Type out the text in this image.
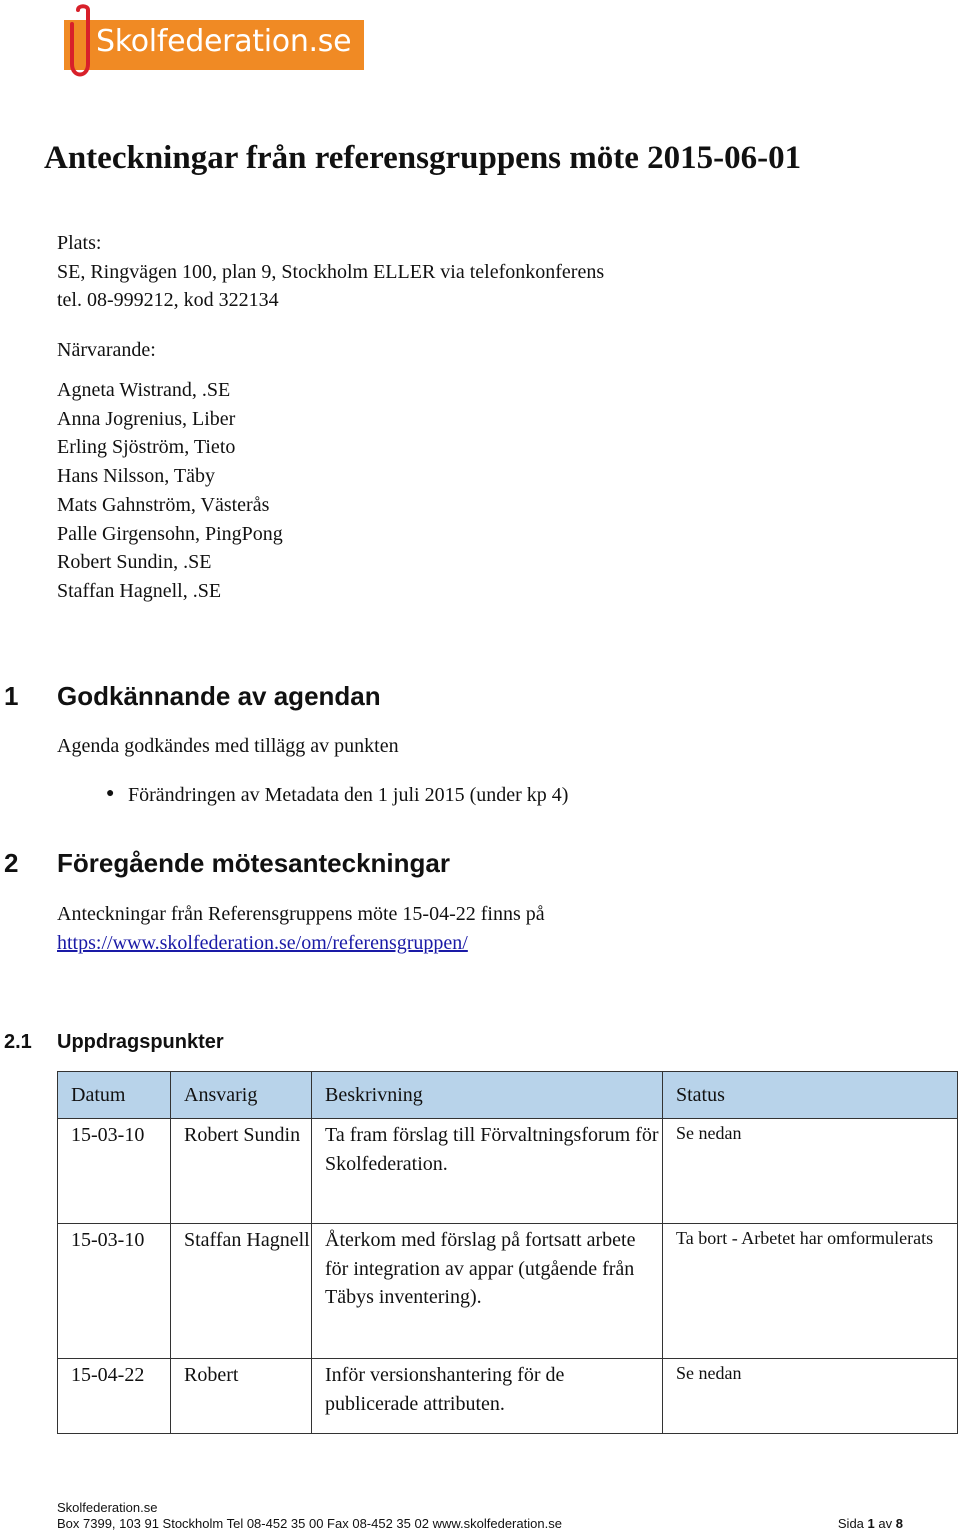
Skolfederation.se
Anteckningar från referensgruppens möte 2015-06-01
Plats:
SE, Ringvägen 100, plan 9, Stockholm ELLER via telefonkonferens
tel. 08-999212, kod 322134
Närvarande:
Agneta Wistrand, .SE
Anna Jogrenius, Liber
Erling Sjöström, Tieto
Hans Nilsson, Täby
Mats Gahnström, Västerås
Palle Girgensohn, PingPong
Robert Sundin, .SE
Staffan Hagnell, .SE
1 Godkännande av agendan
Agenda godkändes med tillägg av punkten
● Förändringen av Metadata den 1 juli 2015 (under kp 4)
2 Föregående mötesanteckningar
Anteckningar från Referensgruppens möte 15-04-22 finns på
https://www.skolfederation.se/om/referensgruppen/
2.1 Uppdragspunkter
Datum	Ansvarig	Beskrivning	Status
15-03-10	Robert Sundin	Ta fram förslag till Förvaltningsforum för Skolfederation.	Se nedan
15-03-10	Staffan Hagnell	Återkom med förslag på fortsatt arbete för integration av appar (utgående från Täbys inventering).	Ta bort - Arbetet har omformulerats
15-04-22	Robert	Inför versionshantering för de publicerade attributen.	Se nedan
Skolfederation.se
Box 7399, 103 91 Stockholm Tel 08-452 35 00 Fax 08-452 35 02 www.skolfederation.se	Sida 1 av 8
